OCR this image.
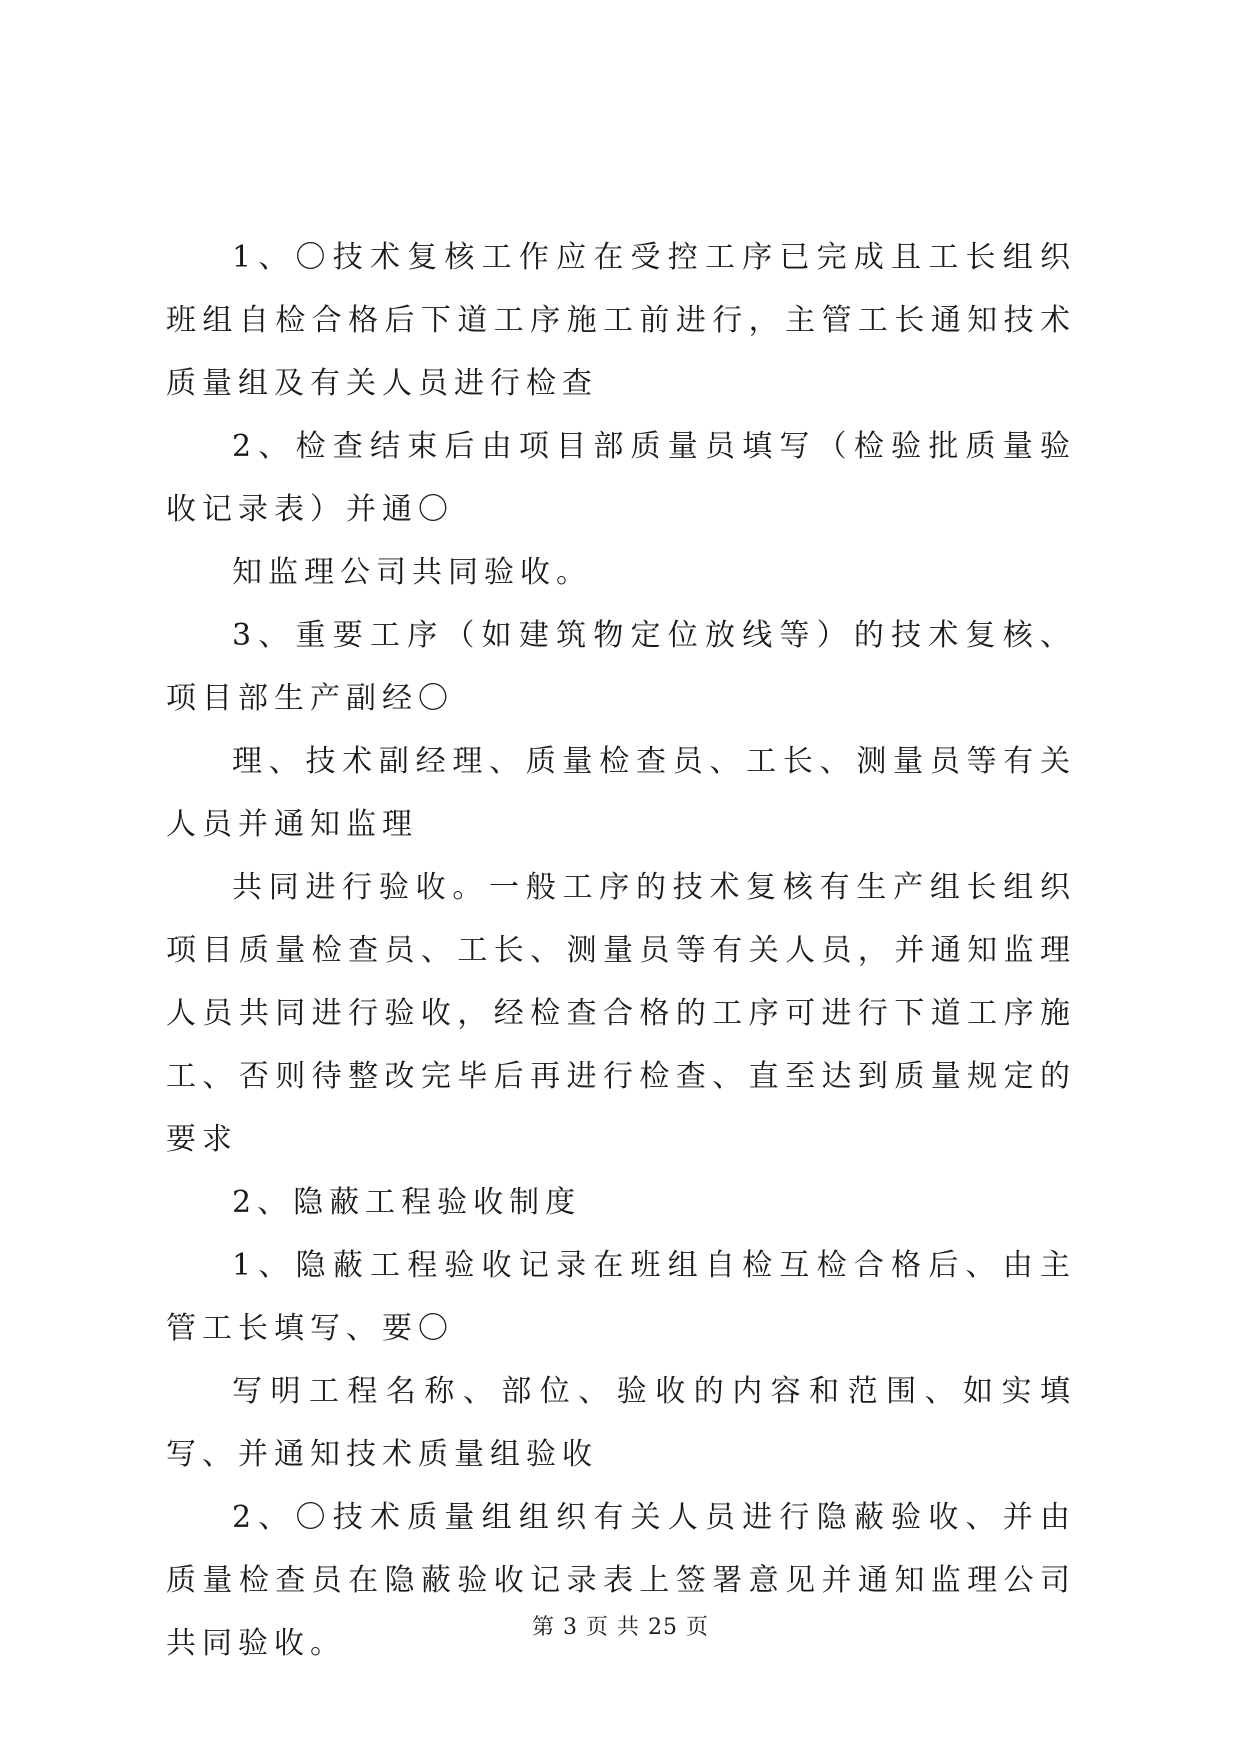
1、〇技术复核工作应在受控工序已完成且工长组织班组自检合格后下道工序施工前进行，主管工长通知技术质量组及有关人员进行检查

2、检查结束后由项目部质量员填写（检验批质量验收记录表）并通〇

知监理公司共同验收。

3、重要工序（如建筑物定位放线等）的技术复核、项目部生产副经〇

理、技术副经理、质量检查员、工长、测量员等有关人员并通知监理

共同进行验收。一般工序的技术复核有生产组长组织项目质量检查员、工长、测量员等有关人员，并通知监理人员共同进行验收，经检查合格的工序可进行下道工序施工、否则待整改完毕后再进行检查、直至达到质量规定的要求

2、隐蔽工程验收制度

1、隐蔽工程验收记录在班组自检互检合格后、由主管工长填写、要〇

写明工程名称、部位、验收的内容和范围、如实填写、并通知技术质量组验收

2、〇技术质量组组织有关人员进行隐蔽验收、并由质量检查员在隐蔽验收记录表上签署意见并通知监理公司共同验收。	第 3 页 共 25 页
